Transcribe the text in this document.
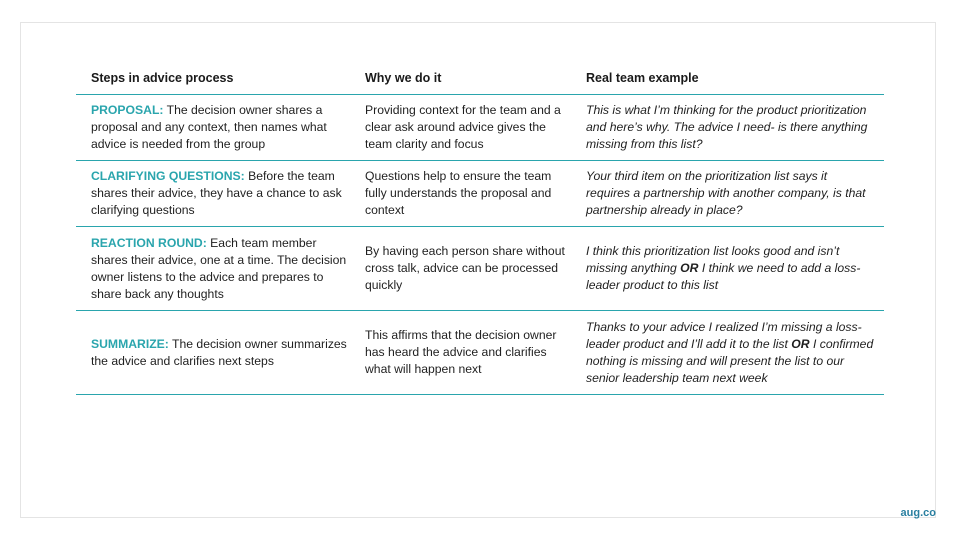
Steps in advice process	Why we do it	Real team example
PROPOSAL: The decision owner shares a proposal and any context, then names what advice is needed from the group
Providing context for the team and a clear ask around advice gives the team clarity and focus
This is what I’m thinking for the product prioritization and here’s why. The advice I need- is there anything missing from this list?
CLARIFYING QUESTIONS: Before the team shares their advice, they have a chance to ask clarifying questions
Questions help to ensure the team fully understands the proposal and context
Your third item on the prioritization list says it requires a partnership with another company, is that partnership already in place?
REACTION ROUND: Each team member shares their advice, one at a time. The decision owner listens to the advice and prepares to share back any thoughts
By having each person share without cross talk, advice can be processed quickly
I think this prioritization list looks good and isn’t missing anything OR I think we need to add a loss-leader product to this list
SUMMARIZE: The decision owner summarizes the advice and clarifies next steps
This affirms that the decision owner has heard the advice and clarifies what will happen next
Thanks to your advice I realized I’m missing a loss-leader product and I’ll add it to the list OR I confirmed nothing is missing and will present the list to our senior leadership team next week
aug.co
